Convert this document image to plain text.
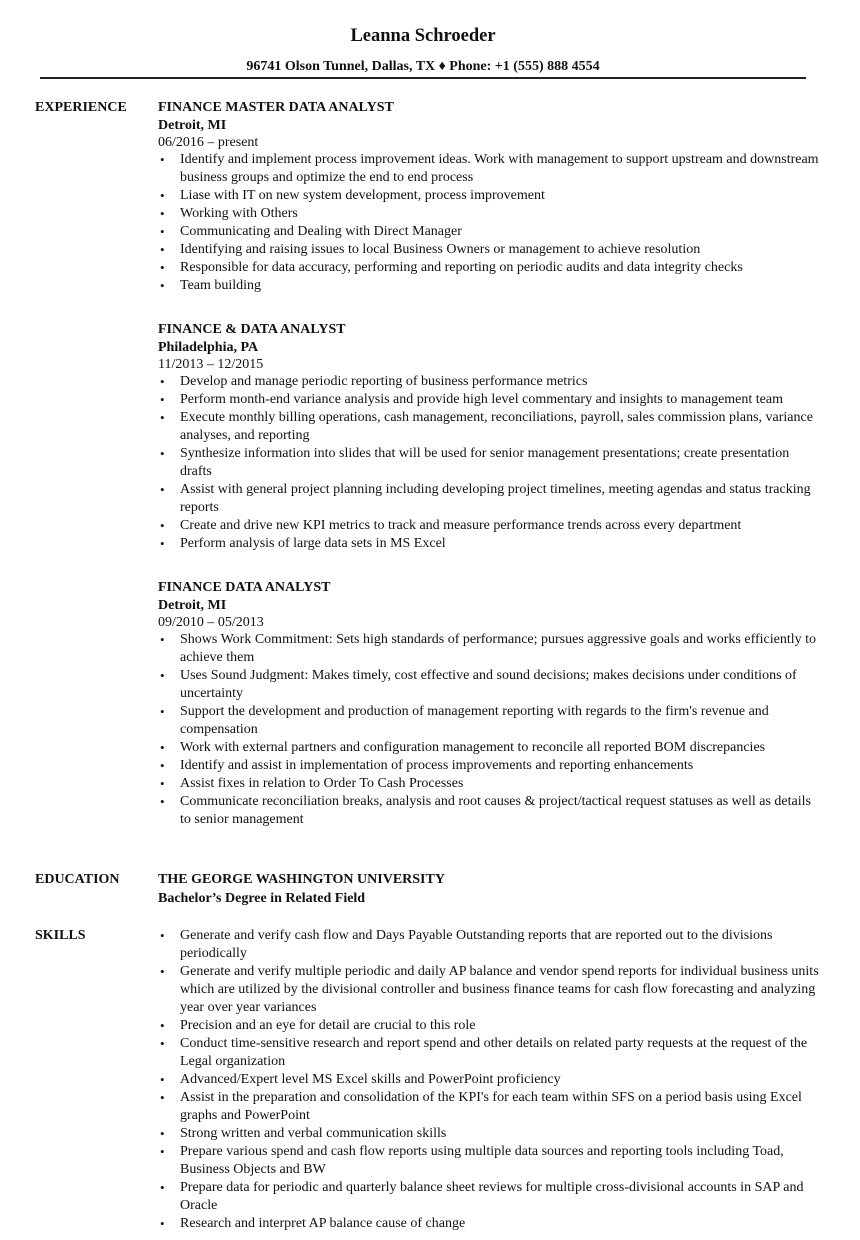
Leanna Schroeder
96741 Olson Tunnel, Dallas, TX ♦ Phone: +1 (555) 888 4554
EXPERIENCE FINANCE MASTER DATA ANALYST
Detroit, MI
06/2016 – present
• Identify and implement process improvement ideas. Work with management to support upstream and downstream business groups and optimize the end to end process
• Liase with IT on new system development, process improvement
• Working with Others
• Communicating and Dealing with Direct Manager
• Identifying and raising issues to local Business Owners or management to achieve resolution
• Responsible for data accuracy, performing and reporting on periodic audits and data integrity checks
• Team building
FINANCE & DATA ANALYST
Philadelphia, PA
11/2013 – 12/2015
• Develop and manage periodic reporting of business performance metrics
• Perform month-end variance analysis and provide high level commentary and insights to management team
• Execute monthly billing operations, cash management, reconciliations, payroll, sales commission plans, variance analyses, and reporting
• Synthesize information into slides that will be used for senior management presentations; create presentation drafts
• Assist with general project planning including developing project timelines, meeting agendas and status tracking reports
• Create and drive new KPI metrics to track and measure performance trends across every department
• Perform analysis of large data sets in MS Excel
FINANCE DATA ANALYST
Detroit, MI
09/2010 – 05/2013
• Shows Work Commitment: Sets high standards of performance; pursues aggressive goals and works efficiently to achieve them
• Uses Sound Judgment: Makes timely, cost effective and sound decisions; makes decisions under conditions of uncertainty
• Support the development and production of management reporting with regards to the firm's revenue and compensation
• Work with external partners and configuration management to reconcile all reported BOM discrepancies
• Identify and assist in implementation of process improvements and reporting enhancements
• Assist fixes in relation to Order To Cash Processes
• Communicate reconciliation breaks, analysis and root causes & project/tactical request statuses as well as details to senior management
EDUCATION	THE GEORGE WASHINGTON UNIVERSITY
Bachelor’s Degree in Related Field
SKILLS
•	Generate and verify cash flow and Days Payable Outstanding reports that are reported out to the divisions periodically
• Generate and verify multiple periodic and daily AP balance and vendor spend reports for individual business units which are utilized by the divisional controller and business finance teams for cash flow forecasting and analyzing year over year variances
• Precision and an eye for detail are crucial to this role
• Conduct time-sensitive research and report spend and other details on related party requests at the request of the Legal organization
• Advanced/Expert level MS Excel skills and PowerPoint proficiency
• Assist in the preparation and consolidation of the KPI's for each team within SFS on a period basis using Excel graphs and PowerPoint
• Strong written and verbal communication skills
• Prepare various spend and cash flow reports using multiple data sources and reporting tools including Toad, Business Objects and BW
• Prepare data for periodic and quarterly balance sheet reviews for multiple cross-divisional accounts in SAP and Oracle
• Research and interpret AP balance cause of change
